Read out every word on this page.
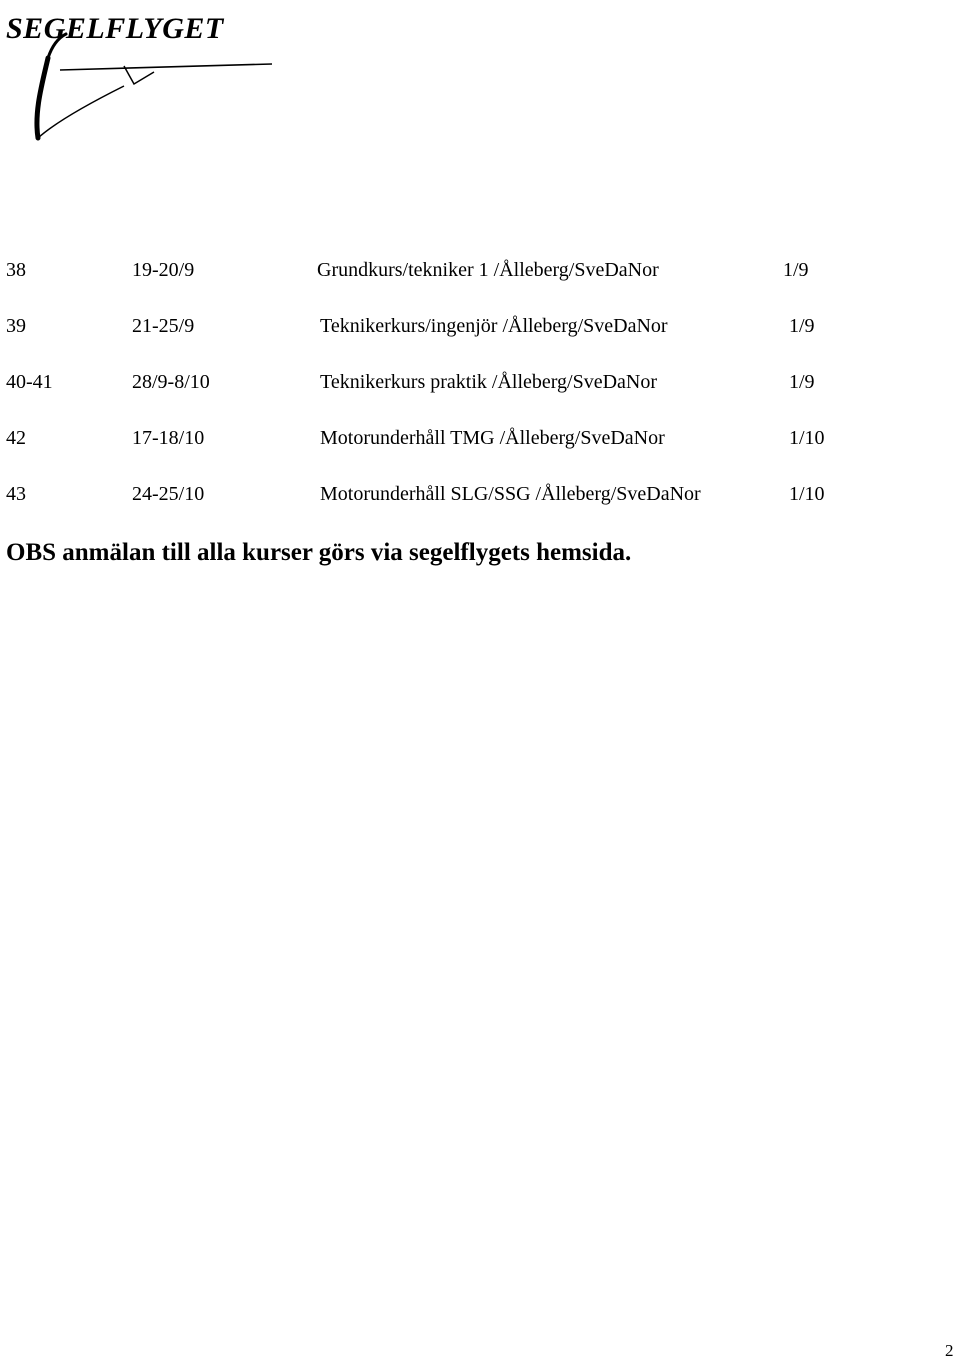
SEGELFLYGET
38	19-20/9	Grundkurs/tekniker 1 /Ålleberg/SveDaNor	1/9
39	21-25/9	Teknikerkurs/ingenjör /Ålleberg/SveDaNor	1/9
40-41	28/9-8/10	Teknikerkurs praktik /Ålleberg/SveDaNor	1/9
42	17-18/10	Motorunderhåll TMG /Ålleberg/SveDaNor	1/10
43	24-25/10	Motorunderhåll SLG/SSG /Ålleberg/SveDaNor	1/10
OBS anmälan till alla kurser görs via segelflygets hemsida.
2
